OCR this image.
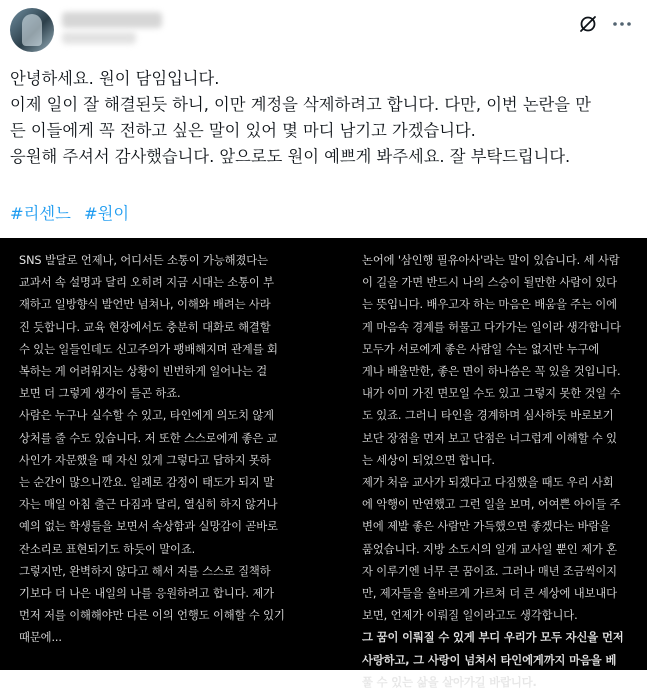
안녕하세요. 원이 담임입니다.

이제 일이 잘 해결된듯 하니, 이만 계정을 삭제하려고 합니다. 다만, 이번 논란을 만

든 이들에게 꼭 전하고 싶은 말이 있어 몇 마디 남기고 가겠습니다.

응원해 주셔서 감사했습니다. 앞으로도 원이 예쁘게 봐주세요. 잘 부탁드립니다.

#리센느 #원이

SNS 발달로 언제나, 어디서든 소통이 가능해졌다는

교과서 속 설명과 달리 오히려 지금 시대는 소통이 부

재하고 일방향식 발언만 넘쳐나, 이해와 배려는 사라

진 듯합니다. 교육 현장에서도 충분히 대화로 해결할

수 있는 일들인데도 신고주의가 팽배해지며 관계를 회

복하는 게 어려워지는 상황이 빈번하게 일어나는 걸

보면 더 그렇게 생각이 들곤 하죠.

사람은 누구나 실수할 수 있고, 타인에게 의도치 않게

상처를 줄 수도 있습니다. 저 또한 스스로에게 좋은 교

사인가 자문했을 때 자신 있게 그렇다고 답하지 못하

는 순간이 많으니깐요. 일례로 감정이 태도가 되지 말

자는 매일 아침 출근 다짐과 달리, 열심히 하지 않거나

예의 없는 학생들을 보면서 속상함과 실망감이 곧바로

잔소리로 표현되기도 하듯이 말이죠.

그렇지만, 완벽하지 않다고 해서 저를 스스로 질책하

기보다 더 나은 내일의 나를 응원하려고 합니다. 제가

먼저 저를 이해해야만 다른 이의 언행도 이해할 수 있기

때문에...

논어에 '삼인행 필유아사'라는 말이 있습니다. 세 사람

이 길을 가면 반드시 나의 스승이 될만한 사람이 있다

는 뜻입니다. 배우고자 하는 마음은 배움을 주는 이에

게 마음속 경계를 허물고 다가가는 일이라 생각합니다

모두가 서로에게 좋은 사람일 수는 없지만 누구에

게나 배울만한, 좋은 면이 하나씀은 꼭 있을 것입니다.

내가 이미 가진 면모일 수도 있고 그렇지 못한 것일 수

도 있죠. 그러니 타인을 경계하며 심사하듯 바로보기

보단 장점을 먼저 보고 단점은 너그럽게 이해할 수 있

는 세상이 되었으면 합니다.

제가 처음 교사가 되겠다고 다짐했을 때도 우리 사회

에 악행이 만연했고 그런 일을 보며, 어여쁜 아이들 주

변에 제발 좋은 사람만 가득했으면 좋겠다는 바람을

품었습니다. 지방 소도시의 일개 교사일 뿐인 제가 혼

자 이루기엔 너무 큰 꿈이죠. 그러나 매년 조금씩이지

만, 제자들을 올바르게 가르쳐 더 큰 세상에 내보내다

보면, 언제가 이뤄질 일이라고도 생각합니다.

그 꿈이 이뤄질 수 있게 부디 우리가 모두 자신을 먼저

사랑하고, 그 사랑이 넘쳐서 타인에게까지 마음을 베

풀 수 있는 삶을 살아가길 바랍니다.
